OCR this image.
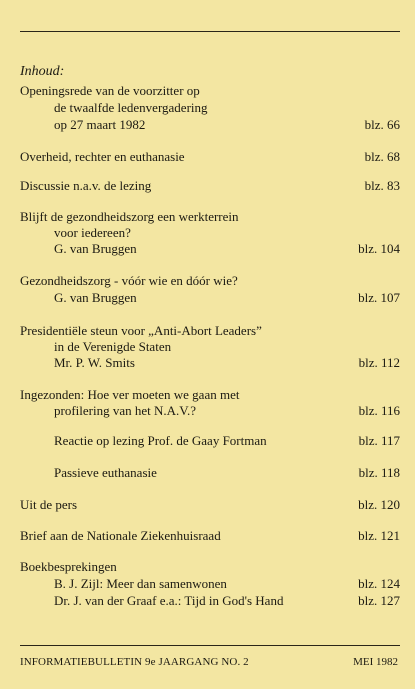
Inhoud:
Openingsrede van de voorzitter op
de twaalfde ledenvergadering
op 27 maart 1982	blz. 66
Overheid, rechter en euthanasie	blz. 68
Discussie n.a.v. de lezing	blz. 83
Blijft de gezondheidszorg een werkterrein
voor iedereen?
G. van Bruggen	blz. 104
Gezondheidszorg - vóór wie en dóór wie?
G. van Bruggen	blz. 107
Presidentiële steun voor „Anti-Abort Leaders”
in de Verenigde Staten
Mr. P. W. Smits	blz. 112
Ingezonden: Hoe ver moeten we gaan met
profilering van het N.A.V.?	blz. 116
Reactie op lezing Prof. de Gaay Fortman	blz. 117
Passieve euthanasie	blz. 118
Uit de pers	blz. 120
Brief aan de Nationale Ziekenhuisraad	blz. 121
Boekbesprekingen
B. J. Zijl: Meer dan samenwonen	blz. 124
Dr. J. van der Graaf e.a.: Tijd in God's Hand	blz. 127
INFORMATIEBULLETIN 9e JAARGANG NO. 2	MEI 1982
